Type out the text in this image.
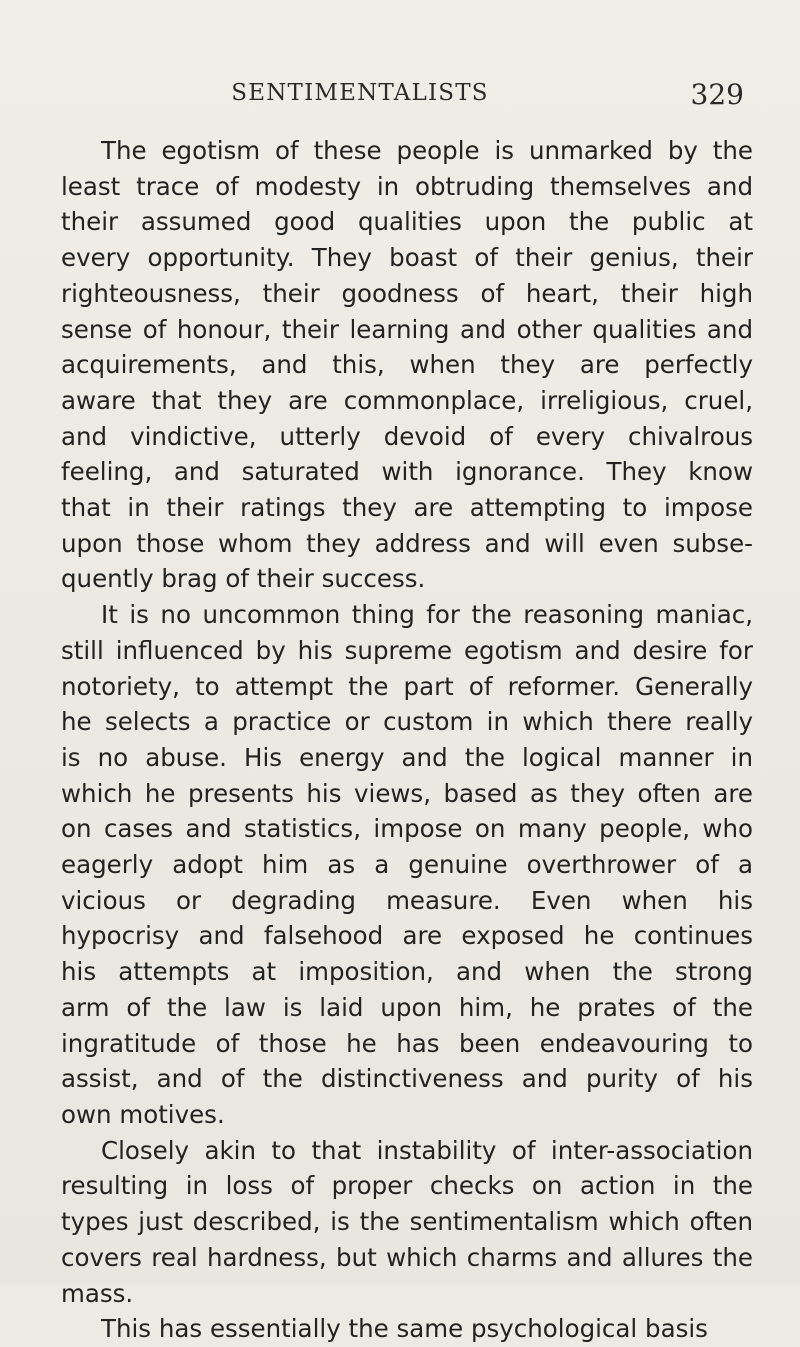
SENTIMENTALISTS	329

The egotism of these people is unmarked by the
least trace of modesty in obtruding themselves and
their assumed good qualities upon the public at
every opportunity. They boast of their genius, their
righteousness, their goodness of heart, their high
sense of honour, their learning and other qualities and
acquirements, and this, when they are perfectly
aware that they are commonplace, irreligious, cruel,
and vindictive, utterly devoid of every chivalrous
feeling, and saturated with ignorance. They know
that in their ratings they are attempting to impose
upon those whom they address and will even subse-
quently brag of their success.

It is no uncommon thing for the reasoning maniac,
still influenced by his supreme egotism and desire for
notoriety, to attempt the part of reformer. Generally
he selects a practice or custom in which there really
is no abuse. His energy and the logical manner in
which he presents his views, based as they often are
on cases and statistics, impose on many people, who
eagerly adopt him as a genuine overthrower of a
vicious or degrading measure. Even when his
hypocrisy and falsehood are exposed he continues
his attempts at imposition, and when the strong
arm of the law is laid upon him, he prates of the
ingratitude of those he has been endeavouring to
assist, and of the distinctiveness and purity of his
own motives.

Closely akin to that instability of inter-association
resulting in loss of proper checks on action in the
types just described, is the sentimentalism which often
covers real hardness, but which charms and allures the
mass.

This has essentially the same psychological basis
